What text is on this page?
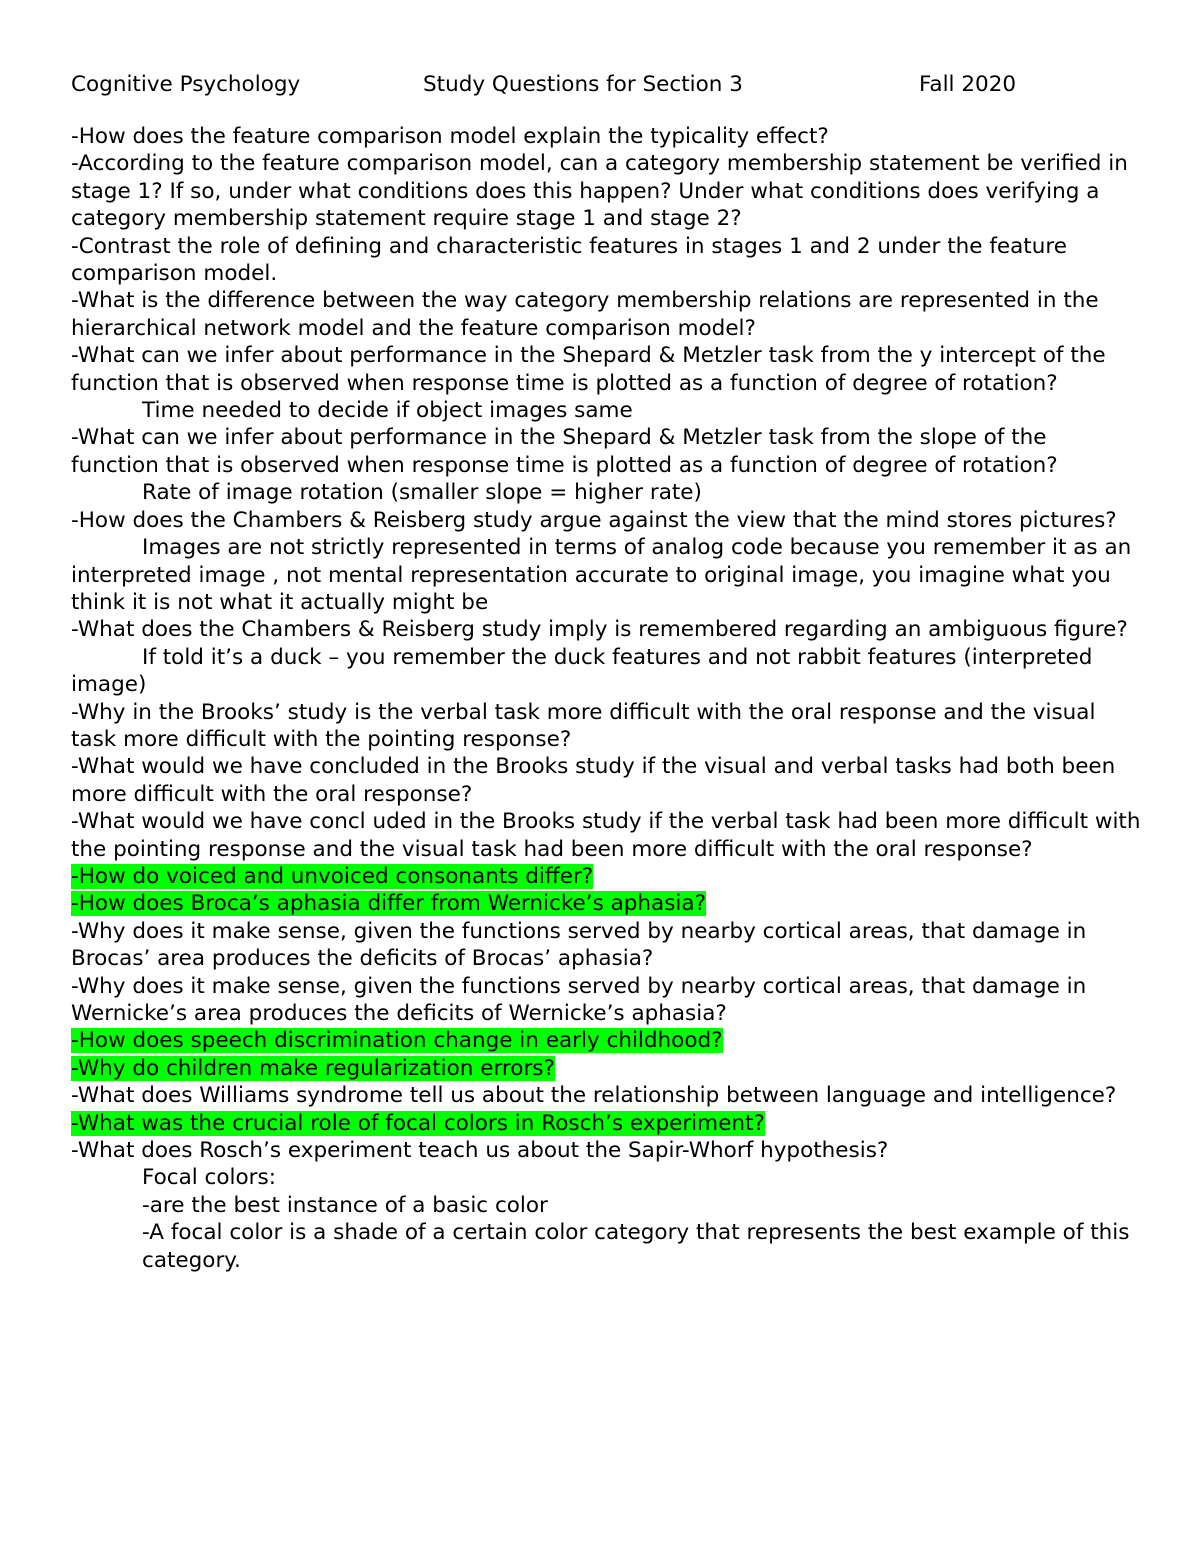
Cognitive Psychology	Study Questions for Section 3	Fall 2020

-How does the feature comparison model explain the typicality effect?

-According to the feature comparison model, can a category membership statement be verified in stage 1? If so, under what conditions does this happen? Under what conditions does verifying a category membership statement require stage 1 and stage 2?

-Contrast the role of defining and characteristic features in stages 1 and 2 under the feature comparison model.

-What is the difference between the way category membership relations are represented in the hierarchical network model and the feature comparison model?

-What can we infer about performance in the Shepard & Metzler task from the y intercept of the    function that is observed when response time is plotted as a function of degree of rotation?

Time needed to decide if object images same

-What can we infer about performance in the Shepard & Metzler task from the slope of the function that is observed when response time is plotted as a function of degree of rotation?

Rate of image rotation (smaller slope = higher rate)

-How does the Chambers & Reisberg study argue against the view that the mind stores pictures?

Images are not strictly represented in terms of analog code because you remember it as an interpreted image , not mental representation accurate to original image, you imagine what you think it is not what it actually might be

-What does the Chambers & Reisberg study imply is remembered regarding an ambiguous figure?

If told it’s a duck – you remember the duck features and not rabbit features (interpreted image)

-Why in the Brooks’ study is the verbal task more difficult with the oral response and the visual task more difficult with the pointing response?

-What would we have concluded in the Brooks study if the visual and verbal tasks had both been more difficult with the oral response?

-What would we have concl uded in the Brooks study if the verbal task had been more difficult with the pointing response and the visual task had been more difficult with the oral response?

-How do voiced and unvoiced consonants differ?

-How does Broca’s aphasia differ from Wernicke’s aphasia?

-Why does it make sense, given the functions served by nearby cortical areas, that damage in Brocas’ area produces the deficits of Brocas’ aphasia?

-Why does it make sense, given the functions served by nearby cortical areas, that damage in Wernicke’s area produces the deficits of Wernicke’s aphasia?

-How does speech discrimination change in early childhood?

-Why do children make regularization errors?

-What does Williams syndrome tell us about the relationship between language and intelligence?

-What was the crucial role of focal colors in Rosch’s experiment?

-What does Rosch’s experiment teach us about the Sapir-Whorf hypothesis?

Focal colors:

-are the best instance of a basic color

-A focal color is a shade of a certain color category that represents the best example of this category.
